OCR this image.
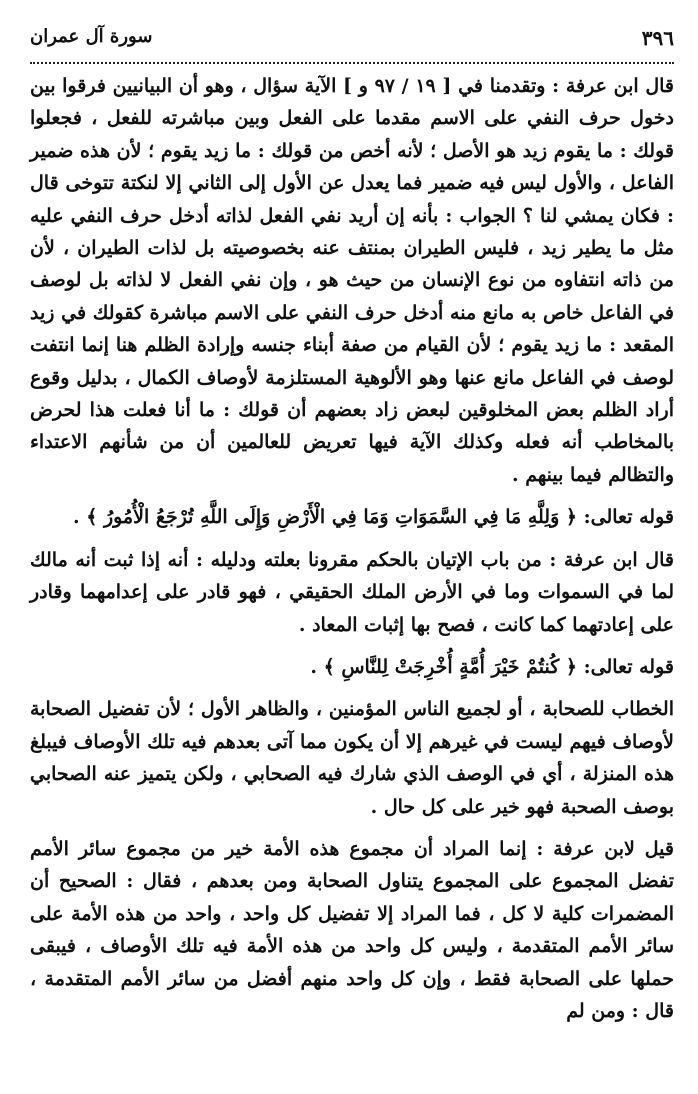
٣٩٦
سورة آل عمران

قال ابن عرفة : وتقدمنا في [ ١٩ / ٩٧ و ] الآية سؤال ، وهو أن البيانيين فرقوا بين دخول حرف النفي على الاسم مقدما على الفعل وبين مباشرته للفعل ، فجعلوا قولك : ما يقوم زيد هو الأصل ؛ لأنه أخص من قولك : ما زيد يقوم ؛ لأن هذه ضمير الفاعل ، والأول ليس فيه ضمير فما يعدل عن الأول إلى الثاني إلا لنكتة تتوخى قال : فكان يمشي لنا ؟ الجواب : بأنه إن أريد نفي الفعل لذاته أدخل حرف النفي عليه مثل ما يطير زيد ، فليس الطيران بمنتف عنه بخصوصيته بل لذات الطيران ، لأن من ذاته انتفاوه من نوع الإنسان من حيث هو ، وإن نفي الفعل لا لذاته بل لوصف في الفاعل خاص به مانع منه أدخل حرف النفي على الاسم مباشرة كقولك في زيد المقعد : ما زيد يقوم ؛ لأن القيام من صفة أبناء جنسه وإرادة الظلم هنا إنما انتفت لوصف في الفاعل مانع عنها وهو الألوهية المستلزمة لأوصاف الكمال ، بدليل وقوع أراد الظلم بعض المخلوقين لبعض زاد بعضهم أن قولك : ما أنا فعلت هذا لحرض بالمخاطب أنه فعله وكذلك الآية فيها تعريض للعالمين أن من شأنهم الاعتداء والتظالم فيما بينهم .

قوله تعالى: ﴿ وَلِلَّهِ مَا فِي السَّمَوَاتِ وَمَا فِي الْأَرْضِ وَإِلَى اللَّهِ تُرْجَعُ الْأُمُورُ ﴾ .

قال ابن عرفة : من باب الإتيان بالحكم مقرونا بعلته ودليله : أنه إذا ثبت أنه مالك لما في السموات وما في الأرض الملك الحقيقي ، فهو قادر على إعدامهما وقادر على إعادتهما كما كانت ، فصح بها إثبات المعاد .

قوله تعالى: ﴿ كُنتُمْ خَيْرَ أُمَّةٍ أُخْرِجَتْ لِلنَّاسِ ﴾ .

الخطاب للصحابة ، أو لجميع الناس المؤمنين ، والظاهر الأول ؛ لأن تفضيل الصحابة لأوصاف فيهم ليست في غيرهم إلا أن يكون مما آتى بعدهم فيه تلك الأوصاف فيبلغ هذه المنزلة ، أي في الوصف الذي شارك فيه الصحابي ، ولكن يتميز عنه الصحابي بوصف الصحبة فهو خير على كل حال .

قيل لابن عرفة : إنما المراد أن مجموع هذه الأمة خير من مجموع سائر الأمم تفضل المجموع على المجموع يتناول الصحابة ومن بعدهم ، فقال : الصحيح أن المضمرات كلية لا كل ، فما المراد إلا تفضيل كل واحد ، واحد من هذه الأمة على سائر الأمم المتقدمة ، وليس كل واحد من هذه الأمة فيه تلك الأوصاف ، فيبقى حملها على الصحابة فقط ، وإن كل واحد منهم أفضل من سائر الأمم المتقدمة ، قال : ومن لم
